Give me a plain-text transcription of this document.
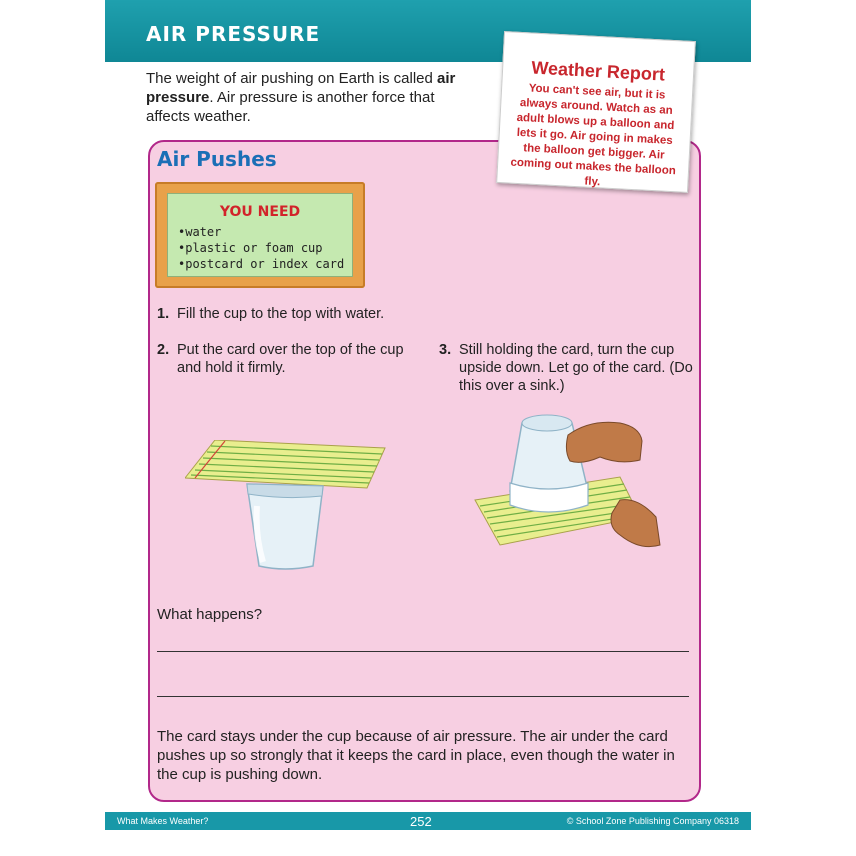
AIR PRESSURE
The weight of air pushing on Earth is called air pressure. Air pressure is another force that affects weather.
Air Pushes
Weather Report
You can't see air, but it is always around. Watch as an adult blows up a balloon and lets it go. Air going in makes the balloon get bigger. Air coming out makes the balloon fly.
YOU NEED
• water
• plastic or foam cup
• postcard or index card
1. Fill the cup to the top with water.
2. Put the card over the top of the cup and hold it firmly.
3. Still holding the card, turn the cup upside down. Let go of the card. (Do this over a sink.)
What happens?
The card stays under the cup because of air pressure. The air under the card pushes up so strongly that it keeps the card in place, even though the water in the cup is pushing down.
What Makes Weather?	252	© School Zone Publishing Company 06318
